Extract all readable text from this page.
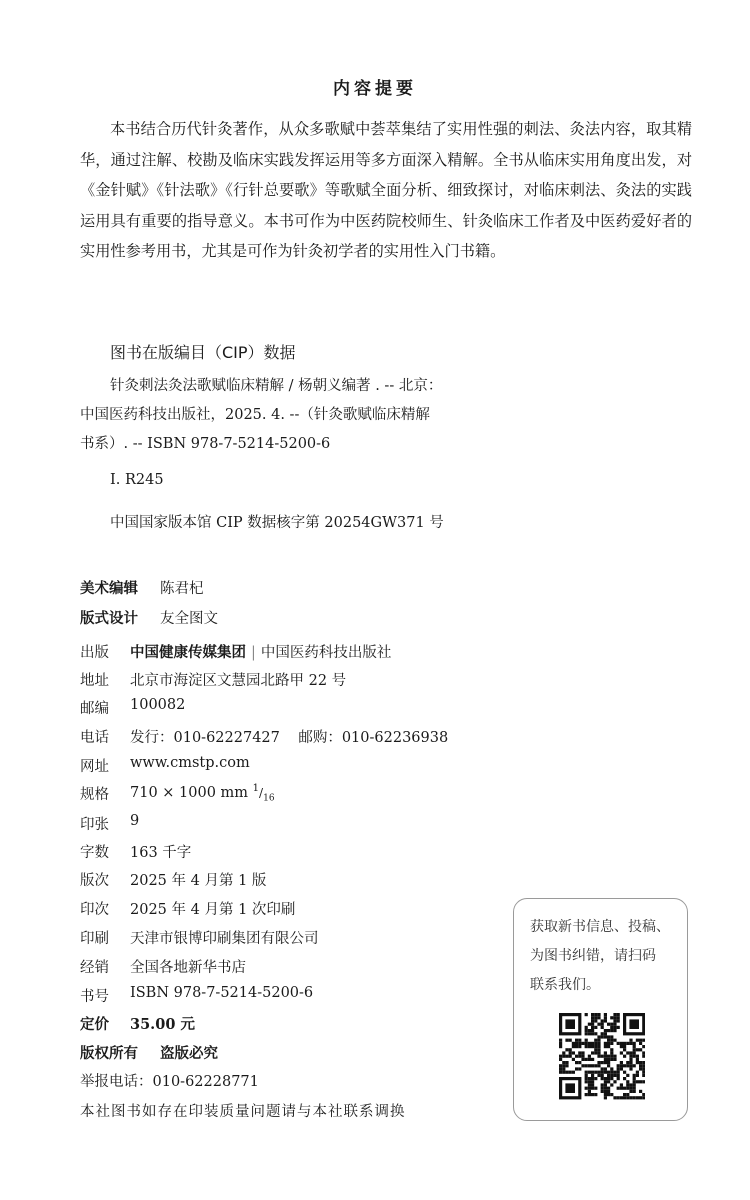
内容提要

本书结合历代针灸著作，从众多歌赋中荟萃集结了实用性强的刺法、灸法内容，取其精华，通过注解、校勘及临床实践发挥运用等多方面深入精解。全书从临床实用角度出发，对《金针赋》《针法歌》《行针总要歌》等歌赋全面分析、细致探讨，对临床刺法、灸法的实践运用具有重要的指导意义。本书可作为中医药院校师生、针灸临床工作者及中医药爱好者的实用性参考用书，尤其是可作为针灸初学者的实用性入门书籍。

图书在版编目（CIP）数据
针灸刺法灸法歌赋临床精解 / 杨朝义编著 . -- 北京：
中国医药科技出版社，2025. 4. --（针灸歌赋临床精解
书系）. -- ISBN 978-7-5214-5200-6
Ⅰ. R245
中国国家版本馆 CIP 数据核字第 20254GW371 号
美术编辑 陈君杞
版式设计 友全图文
出版 中国健康传媒集团 | 中国医药科技出版社
地址 北京市海淀区文慧园北路甲 22 号
邮编 100082
电话 发行：010-62227427    邮购：010-62236938
网址 www.cmstp.com
规格 710 × 1000 mm $^1/_{16}$
印张 9
字数 163 千字
版次 2025 年 4 月第 1 版
印次 2025 年 4 月第 1 次印刷
印刷 天津市银博印刷集团有限公司
经销 全国各地新华书店
书号 ISBN 978-7-5214-5200-6
定价 35.00 元
版权所有 盗版必究
举报电话：010-62228771
本社图书如存在印装质量问题请与本社联系调换
获取新书信息、投稿、
为图书纠错，请扫码
联系我们。
